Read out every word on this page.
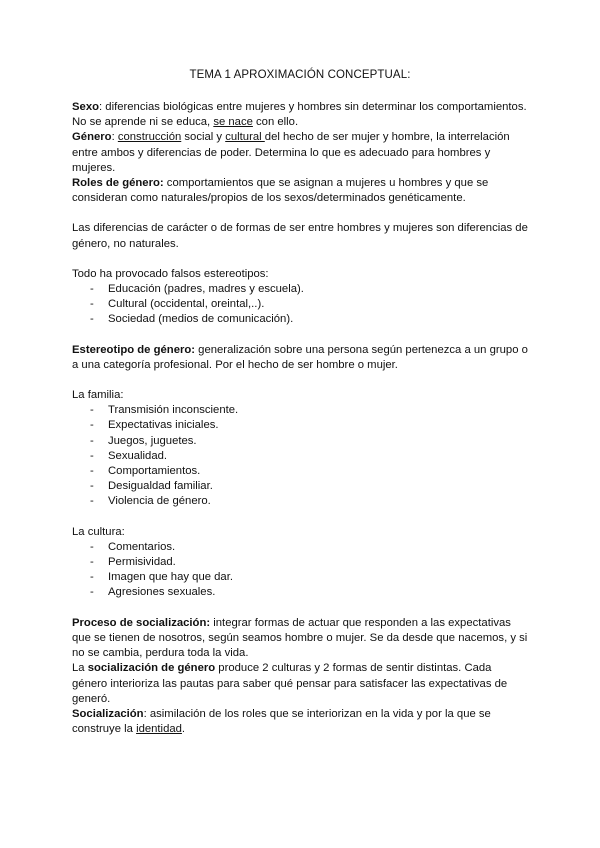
TEMA 1 APROXIMACIÓN CONCEPTUAL:

Sexo: diferencias biológicas entre mujeres y hombres sin determinar los comportamientos. No se aprende ni se educa, se nace con ello.

Género: construcción social y cultural del hecho de ser mujer y hombre, la interrelación entre ambos y diferencias de poder. Determina lo que es adecuado para hombres y mujeres.

Roles de género: comportamientos que se asignan a mujeres u hombres y que se consideran como naturales/propios de los sexos/determinados genéticamente.

Las diferencias de carácter o de formas de ser entre hombres y mujeres son diferencias de género, no naturales.

Todo ha provocado falsos estereotipos:

- Educación (padres, madres y escuela).
- Cultural (occidental, oreintal,..).
- Sociedad (medios de comunicación).

Estereotipo de género: generalización sobre una persona según pertenezca a un grupo o a una categoría profesional. Por el hecho de ser hombre o mujer.

La familia:

- Transmisión inconsciente.
- Expectativas iniciales.
- Juegos, juguetes.
- Sexualidad.
- Comportamientos.
- Desigualdad familiar.
- Violencia de género.

La cultura:

- Comentarios.
- Permisividad.
- Imagen que hay que dar.
- Agresiones sexuales.

Proceso de socialización: integrar formas de actuar que responden a las expectativas que se tienen de nosotros, según seamos hombre o mujer. Se da desde que nacemos, y si no se cambia, perdura toda la vida.

La socialización de género produce 2 culturas y 2 formas de sentir distintas. Cada género interioriza las pautas para saber qué pensar para satisfacer las expectativas de generó.

Socialización: asimilación de los roles que se interiorizan en la vida y por la que se construye la identidad.
